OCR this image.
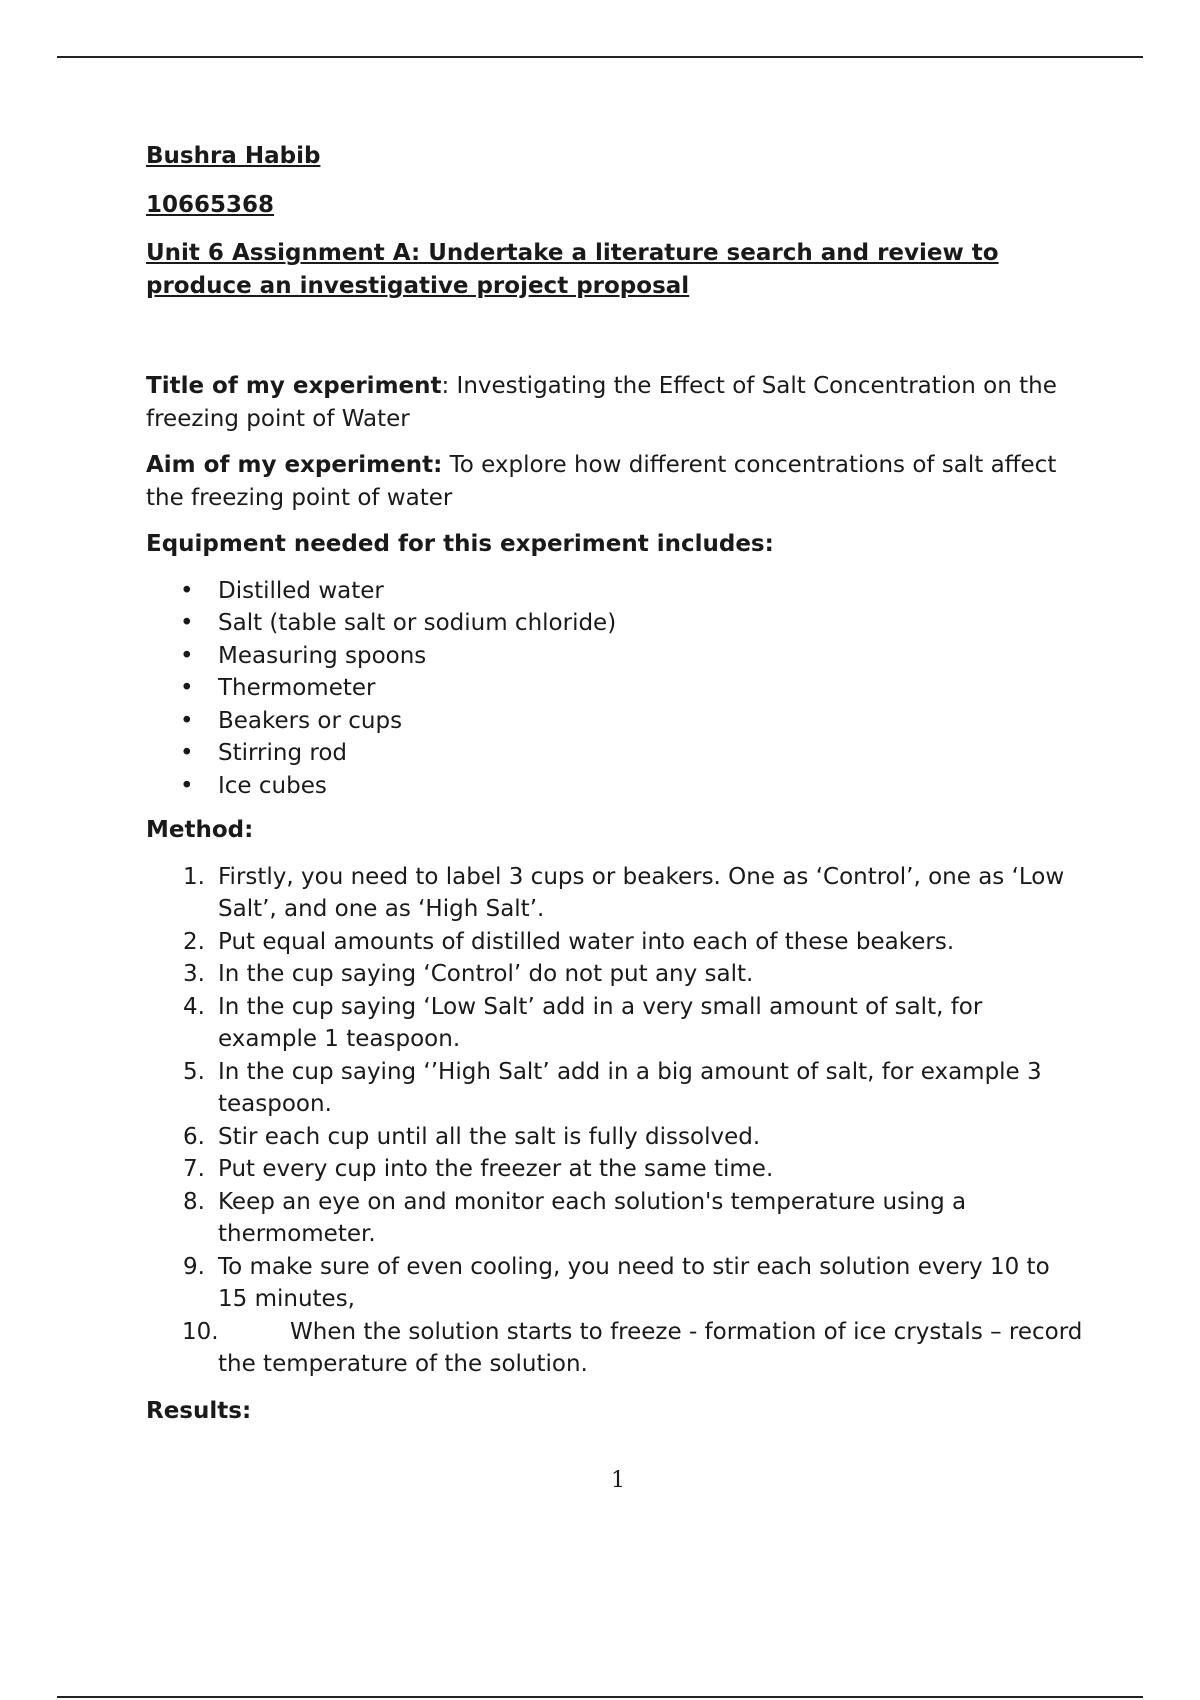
Bushra Habib
10665368
Unit 6 Assignment A: Undertake a literature search and review to produce an investigative project proposal

Title of my experiment: Investigating the Effect of Salt Concentration on the freezing point of Water

Aim of my experiment: To explore how different concentrations of salt affect the freezing point of water

Equipment needed for this experiment includes:
• Distilled water
• Salt (table salt or sodium chloride)
• Measuring spoons
• Thermometer
• Beakers or cups
• Stirring rod
• Ice cubes
Method:
1. Firstly, you need to label 3 cups or beakers. One as ‘Control’, one as ‘Low Salt’, and one as ‘High Salt’.
2. Put equal amounts of distilled water into each of these beakers.
3. In the cup saying ‘Control’ do not put any salt.
4. In the cup saying ‘Low Salt’ add in a very small amount of salt, for example 1 teaspoon.
5. In the cup saying ‘’High Salt’ add in a big amount of salt, for example 3 teaspoon.
6. Stir each cup until all the salt is fully dissolved.
7. Put every cup into the freezer at the same time.
8. Keep an eye on and monitor each solution's temperature using a thermometer.
9. To make sure of even cooling, you need to stir each solution every 10 to 15 minutes,
10.	When the solution starts to freeze - formation of ice crystals – record the temperature of the solution.
Results:
1
